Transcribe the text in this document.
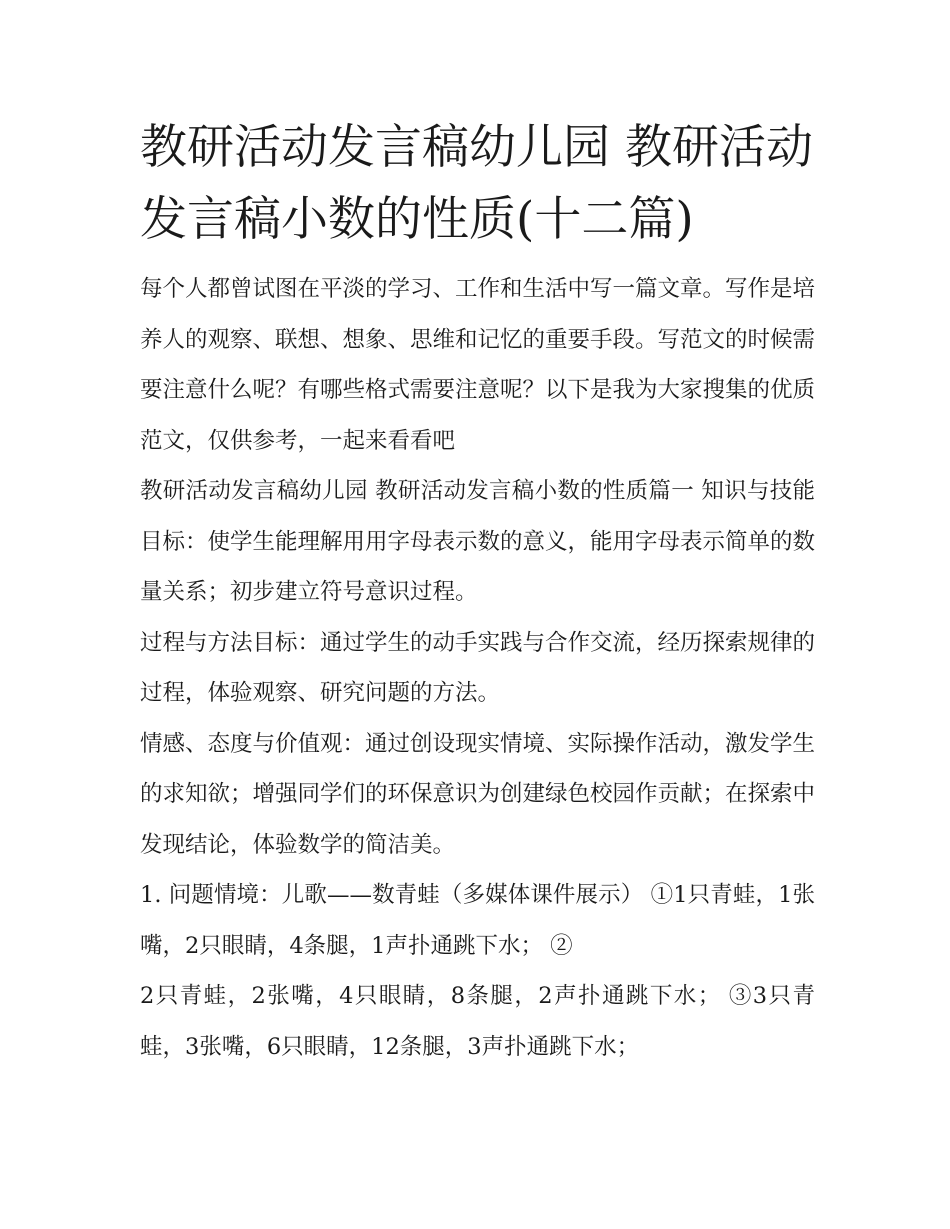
教研活动发言稿幼儿园 教研活动发言稿小数的性质(十二篇)

每个人都曾试图在平淡的学习、工作和生活中写一篇文章。写作是培养人的观察、联想、想象、思维和记忆的重要手段。写范文的时候需要注意什么呢？有哪些格式需要注意呢？以下是我为大家搜集的优质范文，仅供参考，一起来看看吧

教研活动发言稿幼儿园 教研活动发言稿小数的性质篇一 知识与技能目标：使学生能理解用用字母表示数的意义，能用字母表示简单的数量关系；初步建立符号意识过程。

过程与方法目标：通过学生的动手实践与合作交流，经历探索规律的过程，体验观察、研究问题的方法。

情感、态度与价值观：通过创设现实情境、实际操作活动，激发学生的求知欲；增强同学们的环保意识为创建绿色校园作贡献；在探索中发现结论，体验数学的简洁美。

1. 问题情境：儿歌——数青蛙（多媒体课件展示） ①1只青蛙，1张嘴，2只眼睛，4条腿，1声扑通跳下水； ②

2只青蛙，2张嘴，4只眼睛，8条腿，2声扑通跳下水； ③3只青蛙，3张嘴，6只眼睛，12条腿，3声扑通跳下水；
